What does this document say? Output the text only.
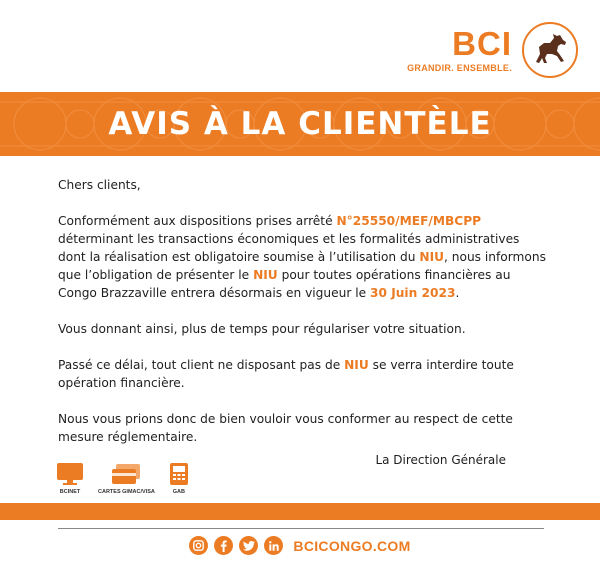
BCI
GRANDIR. ENSEMBLE.
AVIS À LA CLIENTÈLE

Chers clients,

Conformément aux dispositions prises arrêté N°25550/MEF/MBCPP déterminant les transactions économiques et les formalités administratives dont la réalisation est obligatoire soumise à l’utilisation du NIU, nous informons que l’obligation de présenter le NIU pour toutes opérations financières au Congo Brazzaville entrera désormais en vigueur le 30 Juin 2023.

Vous donnant ainsi, plus de temps pour régulariser votre situation.

Passé ce délai, tout client ne disposant pas de NIU se verra interdire toute opération financière.

Nous vous prions donc de bien vouloir vous conformer au respect de cette mesure réglementaire.

La Direction Générale
BCINET	CARTES GIMAC/VISA	GAB
BCICONGO.COM
